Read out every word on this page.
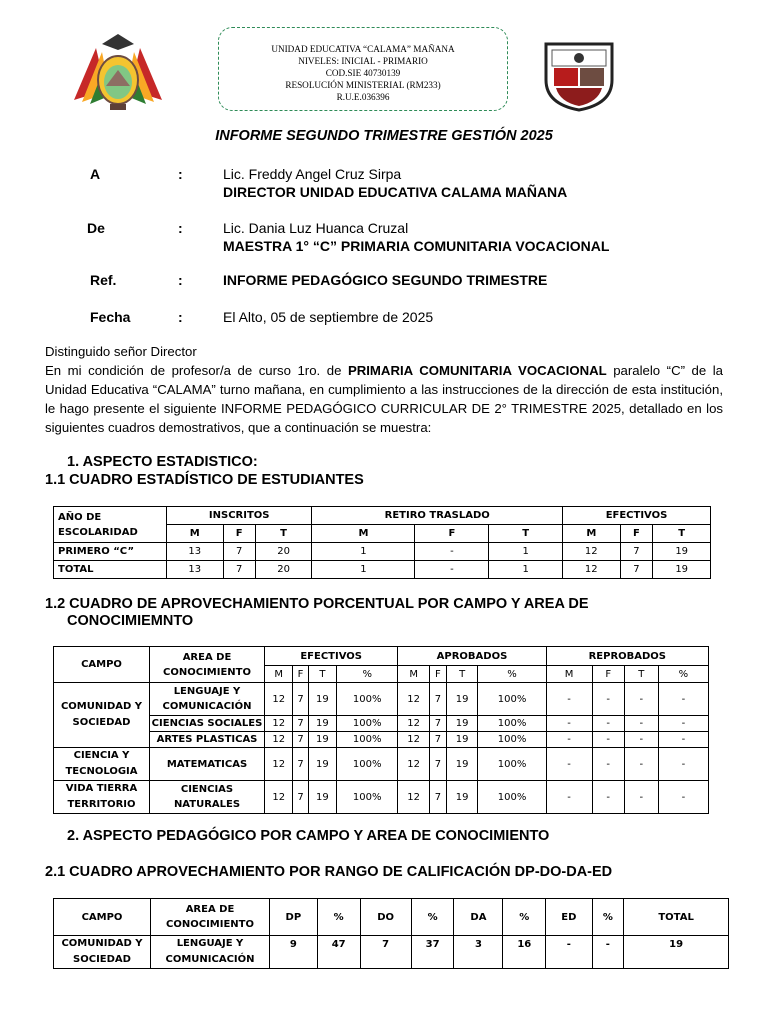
UNIDAD EDUCATIVA “CALAMA” MAÑANA
NIVELES: INICIAL - PRIMARIO
COD.SIE 40730139
RESOLUCIÓN MINISTERIAL (RM233)
R.U.E.036396
INFORME SEGUNDO TRIMESTRE GESTIÓN 2025
A	:	Lic. Freddy Angel Cruz Sirpa
DIRECTOR UNIDAD EDUCATIVA CALAMA MAÑANA
De	:	Lic. Dania Luz Huanca Cruzal
MAESTRA 1° “C” PRIMARIA COMUNITARIA VOCACIONAL
Ref.	:	INFORME PEDAGÓGICO SEGUNDO TRIMESTRE
Fecha	:	El Alto, 05 de septiembre de 2025
Distinguido señor Director
En mi condición de profesor/a de curso 1ro. de PRIMARIA COMUNITARIA VOCACIONAL paralelo “C” de la Unidad Educativa “CALAMA” turno mañana, en cumplimiento a las instrucciones de la dirección de esta institución, le hago presente el siguiente INFORME PEDAGÓGICO CURRICULAR DE 2° TRIMESTRE 2025, detallado en los siguientes cuadros demostrativos, que a continuación se muestra:
1. ASPECTO ESTADISTICO:
1.1 CUADRO ESTADÍSTICO DE ESTUDIANTES
AÑO DE ESCOLARIDAD	INSCRITOS			RETIRO TRASLADO			EFECTIVOS		
	M	F	T	M	F	T	M	F	T
PRIMERO “C”	13	7	20	1	-	1	12	7	19
TOTAL	13	7	20	1	-	1	12	7	19
1.2 CUADRO DE APROVECHAMIENTO PORCENTUAL POR CAMPO Y AREA DE
CONOCIMIEMNTO
CAMPO	AREA DE CONOCIMIENTO	EFECTIVOS				APROBADOS				REPROBADOS			
		M	F	T	%	M	F	T	%	M	F	T	%
COMUNIDAD Y SOCIEDAD	LENGUAJE Y COMUNICACIÓN	12	7	19	100%	12	7	19	100%	-	-	-	-
	CIENCIAS SOCIALES	12	7	19	100%	12	7	19	100%	-	-	-	-
	ARTES PLASTICAS	12	7	19	100%	12	7	19	100%	-	-	-	-
CIENCIA Y TECNOLOGIA	MATEMATICAS	12	7	19	100%	12	7	19	100%	-	-	-	-
VIDA TIERRA TERRITORIO	CIENCIAS NATURALES	12	7	19	100%	12	7	19	100%	-	-	-	-
2. ASPECTO PEDAGÓGICO POR CAMPO Y AREA DE CONOCIMIENTO
2.1 CUADRO APROVECHAMIENTO POR RANGO DE CALIFICACIÓN DP-DO-DA-ED
CAMPO	AREA DE CONOCIMIENTO	DP	%	DO	%	DA	%	ED	%	TOTAL
COMUNIDAD Y SOCIEDAD	LENGUAJE Y COMUNICACIÓN	9	47	7	37	3	16	-	-	19
